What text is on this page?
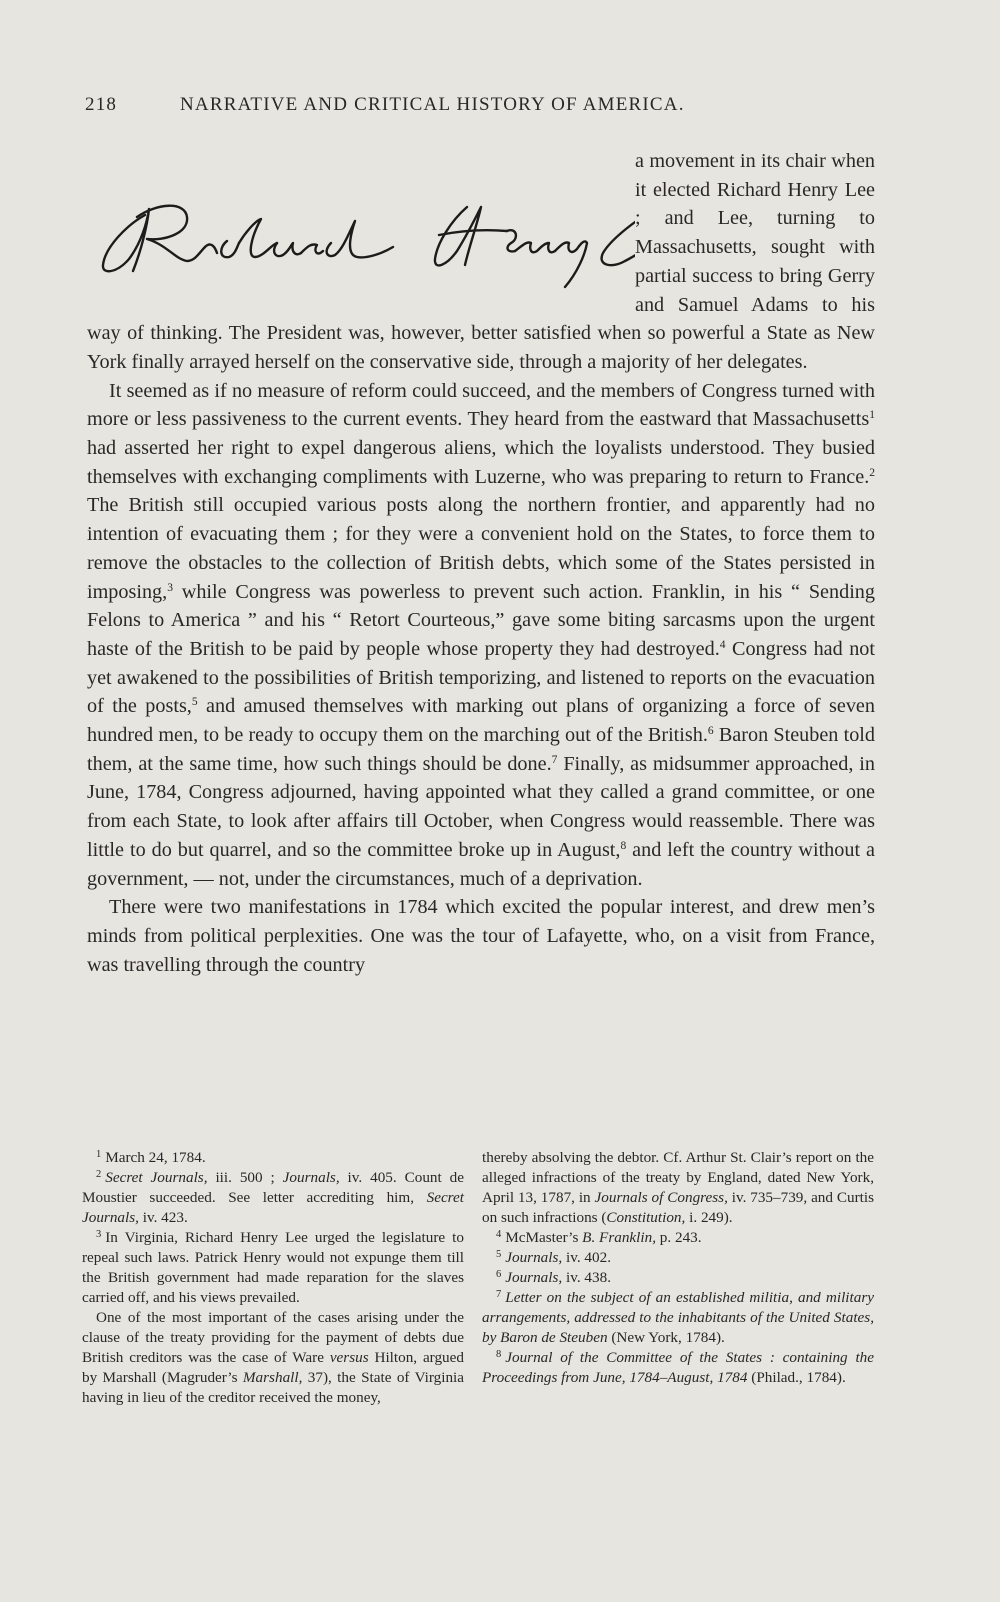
218	NARRATIVE AND CRITICAL HISTORY OF AMERICA.

a movement in its chair when it elected Richard Henry Lee ; and Lee, turning to Massachusetts, sought with partial success to bring Gerry and Samuel Adams to his way of thinking. The President was, however, better satisfied when so powerful a State as New York finally arrayed herself on the conservative side, through a majority of her delegates.

It seemed as if no measure of reform could succeed, and the members of Congress turned with more or less passiveness to the current events. They heard from the eastward that Massachusetts$^1$ had asserted her right to expel dangerous aliens, which the loyalists understood. They busied themselves with exchanging compliments with Luzerne, who was preparing to return to France.$^2$ The British still occupied various posts along the northern frontier, and apparently had no intention of evacuating them ; for they were a convenient hold on the States, to force them to remove the obstacles to the collection of British debts, which some of the States persisted in imposing,$^3$ while Congress was powerless to prevent such action. Franklin, in his “ Sending Felons to America ” and his “ Retort Courteous,” gave some biting sarcasms upon the urgent haste of the British to be paid by people whose property they had destroyed.$^4$ Congress had not yet awakened to the possibilities of British temporizing, and listened to reports on the evacuation of the posts,$^5$ and amused themselves with marking out plans of organizing a force of seven hundred men, to be ready to occupy them on the marching out of the British.$^6$ Baron Steuben told them, at the same time, how such things should be done.$^7$ Finally, as midsummer approached, in June, 1784, Congress adjourned, having appointed what they called a grand committee, or one from each State, to look after affairs till October, when Congress would reassemble. There was little to do but quarrel, and so the committee broke up in August,$^8$ and left the country without a government, — not, under the circumstances, much of a deprivation.

There were two manifestations in 1784 which excited the popular interest, and drew men’s minds from political perplexities. One was the tour of Lafayette, who, on a visit from France, was travelling through the country

$^1$ March 24, 1784.

$^2$ Secret Journals, iii. 500 ; Journals, iv. 405. Count de Moustier succeeded. See letter accrediting him, Secret Journals, iv. 423.

$^3$ In Virginia, Richard Henry Lee urged the legislature to repeal such laws. Patrick Henry would not expunge them till the British government had made reparation for the slaves carried off, and his views prevailed.

One of the most important of the cases arising under the clause of the treaty providing for the payment of debts due British creditors was the case of Ware versus Hilton, argued by Marshall (Magruder’s Marshall, 37), the State of Virginia having in lieu of the creditor received the money,

thereby absolving the debtor. Cf. Arthur St. Clair’s report on the alleged infractions of the treaty by England, dated New York, April 13, 1787, in Journals of Congress, iv. 735–739, and Curtis on such infractions (Constitution, i. 249).

$^4$ McMaster’s B. Franklin, p. 243.

$^5$ Journals, iv. 402.

$^6$ Journals, iv. 438.

$^7$ Letter on the subject of an established militia, and military arrangements, addressed to the inhabitants of the United States, by Baron de Steuben (New York, 1784).

$^8$ Journal of the Committee of the States : containing the Proceedings from June, 1784–August, 1784 (Philad., 1784).
